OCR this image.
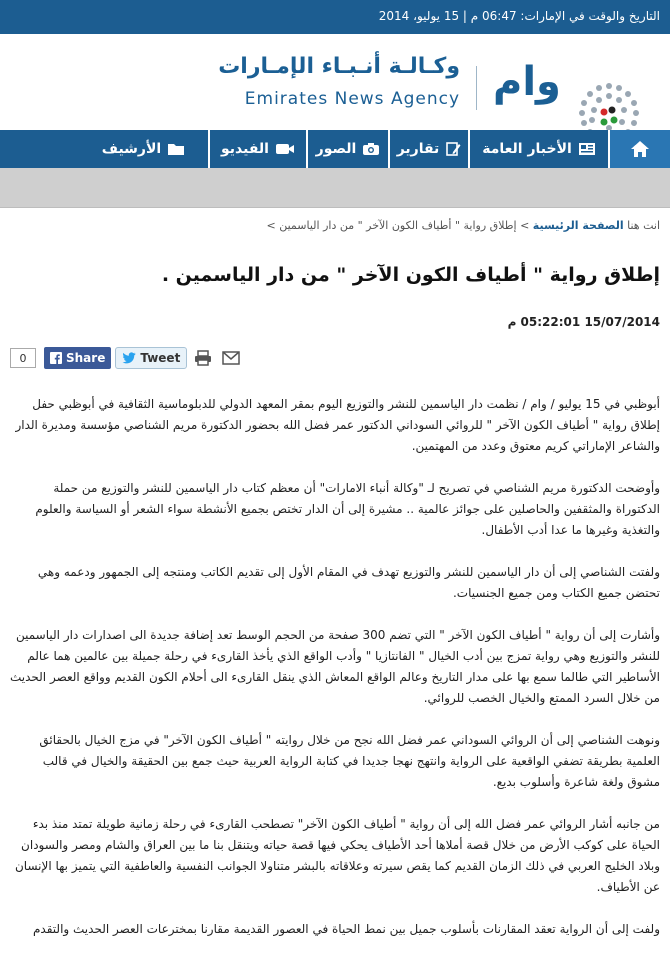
التاريخ والوقت في الإمارات: 06:47 م | 15 يوليو، 2014
وكـالـة أنـبـاء الإمـارات
Emirates News Agency وام
الأخبار العامة
تقارير
الصور
الفيديو
الأرشيف
انت هنا الصفحة الرئيسية > إطلاق رواية " أطياف الكون الآخر " من دار الياسمين >
إطلاق رواية " أطياف الكون الآخر " من دار الياسمين .
15/07/2014 05:22:01 م
0	Share	Tweet

أبوظبي في 15 يوليو / وام / نظمت دار الياسمين للنشر والتوزيع اليوم بمقر المعهد الدولي للدبلوماسية الثقافية في أبوظبي حفل إطلاق رواية " أطياف الكون الآخر " للروائي السوداني الدكتور عمر فضل الله بحضور الدكتورة مريم الشناصي مؤسسة ومديرة الدار والشاعر الإماراتي كريم معتوق وعدد من المهتمين.

وأوضحت الدكتورة مريم الشناصي في تصريح لـ "وكالة أنباء الامارات" أن معظم كتاب دار الياسمين للنشر والتوزيع من حملة الدكتوراة والمثقفين والحاصلين على جوائز عالمية .. مشيرة إلى أن الدار تختص بجميع الأنشطة سواء الشعر أو السياسة والعلوم والتغذية وغيرها ما عدا أدب الأطفال.

ولفتت الشناصي إلى أن دار الياسمين للنشر والتوزيع تهدف في المقام الأول إلى تقديم الكاتب ومنتجه إلى الجمهور ودعمه وهي تحتضن جميع الكتاب ومن جميع الجنسيات.

وأشارت إلى أن رواية " أطياف الكون الآخر " التي تضم 300 صفحة من الحجم الوسط تعد إضافة جديدة الى اصدارات دار الياسمين للنشر والتوزيع وهي رواية تمزج بين أدب الخيال " الفانتازيا " وأدب الواقع الذي يأخذ القارىء في رحلة جميلة بين عالمين هما عالم الأساطير التي طالما سمع بها على مدار التاريخ وعالم الواقع المعاش الذي ينقل القارىء الى أحلام الكون القديم وواقع العصر الحديث من خلال السرد الممتع والخيال الخصب للروائي.

ونوهت الشناصي إلى أن الروائي السوداني عمر فضل الله نجح من خلال روايته " أطياف الكون الآخر" في مزج الخيال بالحقائق العلمية بطريقة تضفي الواقعية على الرواية وانتهج نهجا جديدا في كتابة الرواية العربية حيث جمع بين الحقيقة والخيال في قالب مشوق ولغة شاعرة وأسلوب بديع.

من جانبه أشار الروائي عمر فضل الله إلى أن رواية " أطياف الكون الآخر" تصطحب القارىء في رحلة زمانية طويلة تمتد منذ بدء الحياة على كوكب الأرض من خلال قصة أملاها أحد الأطياف يحكي فيها قصة حياته ويتنقل بنا ما بين العراق والشام ومصر والسودان وبلاد الخليج العربي في ذلك الزمان القديم كما يقص سيرته وعلاقاته بالبشر متناولا الجوانب النفسية والعاطفية التي يتميز بها الإنسان عن الأطياف.

ولفت إلى أن الرواية تعقد المقارنات بأسلوب جميل بين نمط الحياة في العصور القديمة مقارنا بمخترعات العصر الحديث والتقدم
